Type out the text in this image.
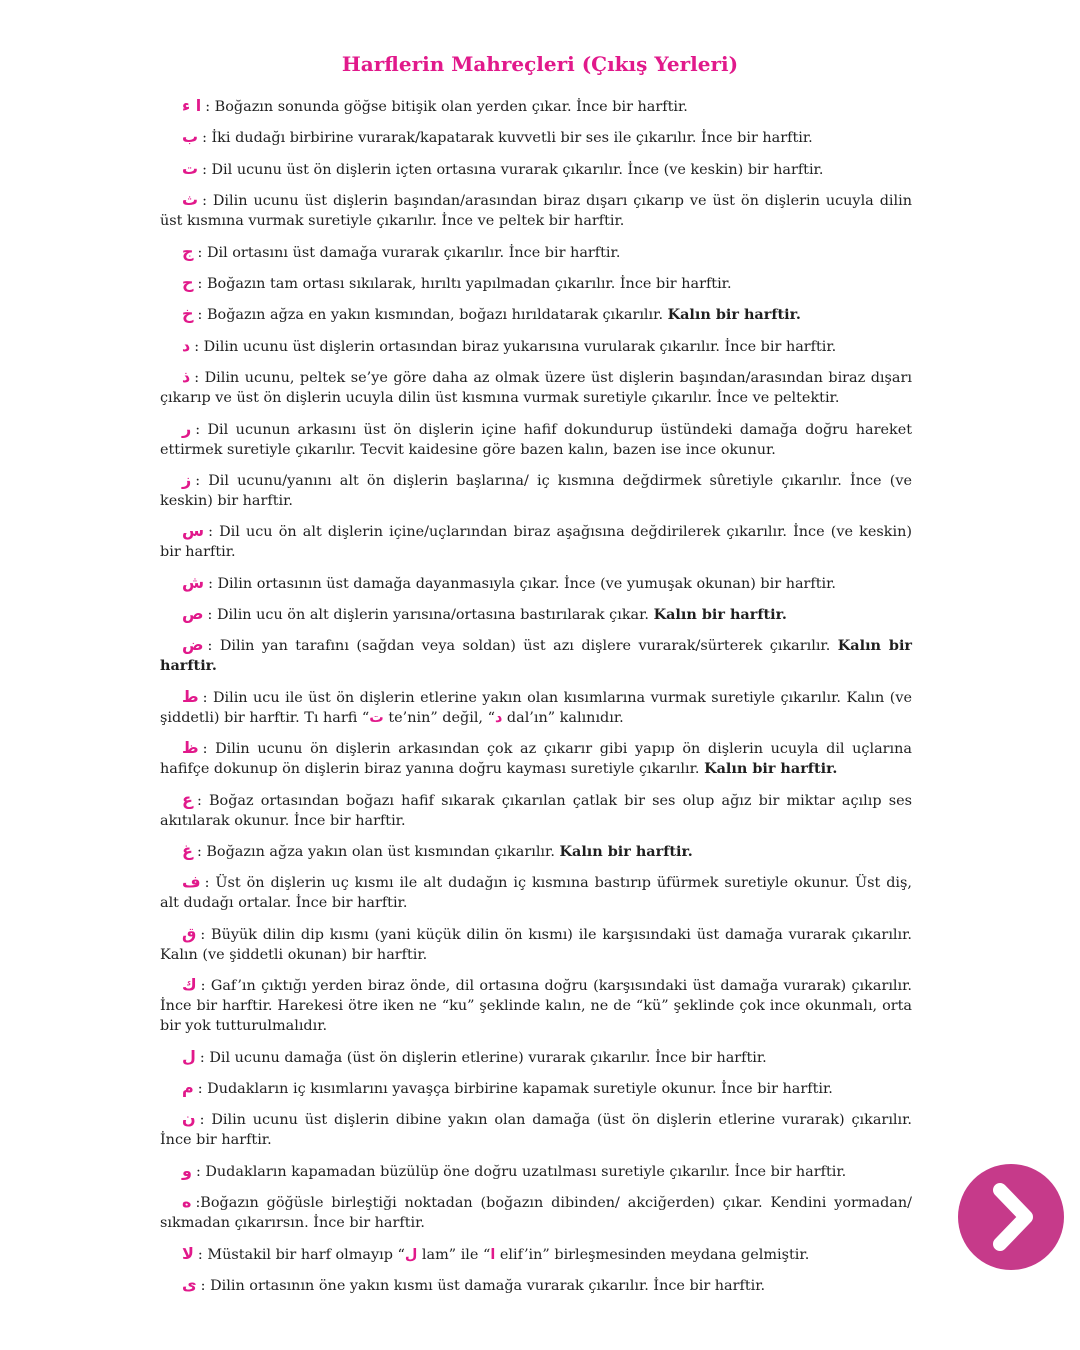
Harflerin Mahreçleri (Çıkış Yerleri)

ا ء : Boğazın sonunda göğse bitişik olan yerden çıkar. İnce bir harftir.

ب : İki dudağı birbirine vurarak/kapatarak kuvvetli bir ses ile çıkarılır. İnce bir harftir.

ت : Dil ucunu üst ön dişlerin içten ortasına vurarak çıkarılır. İnce (ve keskin) bir harftir.

ث : Dilin ucunu üst dişlerin başından/arasından biraz dışarı çıkarıp ve üst ön dişlerin ucuyla dilin üst kısmına vurmak suretiyle çıkarılır. İnce ve peltek bir harftir.

ج : Dil ortasını üst damağa vurarak çıkarılır. İnce bir harftir.

ح : Boğazın tam ortası sıkılarak, hırıltı yapılmadan çıkarılır. İnce bir harftir.

خ : Boğazın ağza en yakın kısmından, boğazı hırıldatarak çıkarılır. Kalın bir harftir.

د : Dilin ucunu üst dişlerin ortasından biraz yukarısına vurularak çıkarılır. İnce bir harftir.

ذ : Dilin ucunu, peltek se’ye göre daha az olmak üzere üst dişlerin başından/arasından biraz dışarı çıkarıp ve üst ön dişlerin ucuyla dilin üst kısmına vurmak suretiyle çıkarılır. İnce ve peltektir.

ر : Dil ucunun arkasını üst ön dişlerin içine hafif dokundurup üstündeki damağa doğru hareket ettirmek suretiyle çıkarılır. Tecvit kaidesine göre bazen kalın, bazen ise ince okunur.

ز : Dil ucunu/yanını alt ön dişlerin başlarına/ iç kısmına değdirmek sûretiyle çıkarılır. İnce (ve keskin) bir harftir.

س : Dil ucu ön alt dişlerin içine/uçlarından biraz aşağısına değdirilerek çıkarılır. İnce (ve keskin) bir harftir.

ش : Dilin ortasının üst damağa dayanmasıyla çıkar. İnce (ve yumuşak okunan) bir harftir.

ص : Dilin ucu ön alt dişlerin yarısına/ortasına bastırılarak çıkar. Kalın bir harftir.

ض : Dilin yan tarafını (sağdan veya soldan) üst azı dişlere vurarak/sürterek çıkarılır. Kalın bir harftir.

ط : Dilin ucu ile üst ön dişlerin etlerine yakın olan kısımlarına vurmak suretiyle çıkarılır. Kalın (ve şiddetli) bir harftir. Tı harfi “ت te’nin” değil, “د dal’ın” kalınıdır.

ظ : Dilin ucunu ön dişlerin arkasından çok az çıkarır gibi yapıp ön dişlerin ucuyla dil uçlarına hafifçe dokunup ön dişlerin biraz yanına doğru kayması suretiyle çıkarılır. Kalın bir harftir.

ع : Boğaz ortasından boğazı hafif sıkarak çıkarılan çatlak bir ses olup ağız bir miktar açılıp ses akıtılarak okunur. İnce bir harftir.

غ : Boğazın ağza yakın olan üst kısmından çıkarılır. Kalın bir harftir.

ف : Üst ön dişlerin uç kısmı ile alt dudağın iç kısmına bastırıp üfürmek suretiyle okunur. Üst diş, alt dudağı ortalar. İnce bir harftir.

ق : Büyük dilin dip kısmı (yani küçük dilin ön kısmı) ile karşısındaki üst damağa vurarak çıkarılır. Kalın (ve şiddetli okunan) bir harftir.

ك : Gaf’ın çıktığı yerden biraz önde, dil ortasına doğru (karşısındaki üst damağa vurarak) çıkarılır. İnce bir harftir. Harekesi ötre iken ne “ku” şeklinde kalın, ne de “kü” şeklinde çok ince okunmalı, orta bir yok tutturulmalıdır.

ل : Dil ucunu damağa (üst ön dişlerin etlerine) vurarak çıkarılır. İnce bir harftir.

م : Dudakların iç kısımlarını yavaşça birbirine kapamak suretiyle okunur. İnce bir harftir.

ن : Dilin ucunu üst dişlerin dibine yakın olan damağa (üst ön dişlerin etlerine vurarak) çıkarılır. İnce bir harftir.

و : Dudakların kapamadan büzülüp öne doğru uzatılması suretiyle çıkarılır. İnce bir harftir.

ه :Boğazın göğüsle birleştiği noktadan (boğazın dibinden/ akciğerden) çıkar. Kendini yormadan/ sıkmadan çıkarırsın. İnce bir harftir.

لا : Müstakil bir harf olmayıp “ل lam” ile “ا elif’in” birleşmesinden meydana gelmiştir.

ى : Dilin ortasının öne yakın kısmı üst damağa vurarak çıkarılır. İnce bir harftir.
